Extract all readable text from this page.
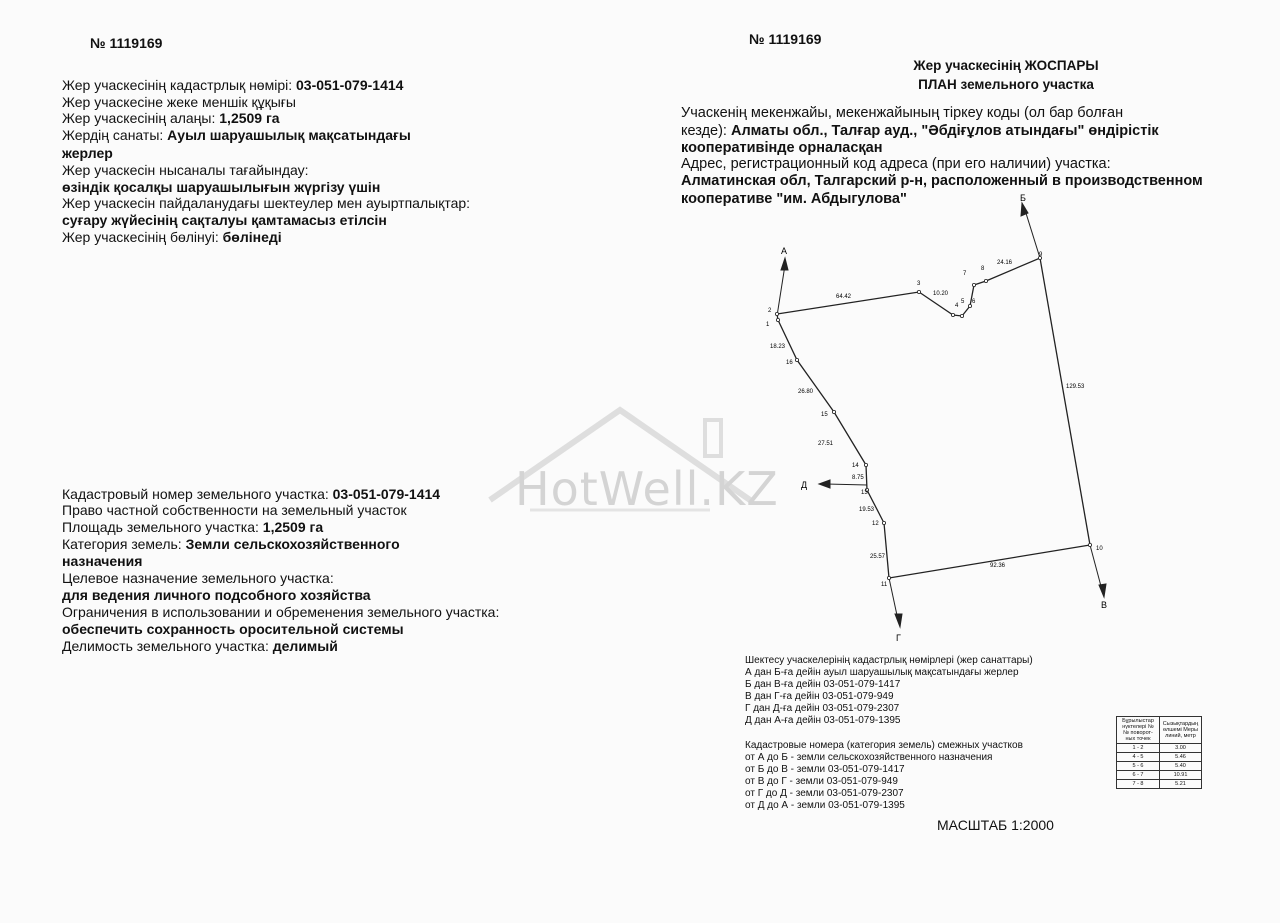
№ 1119169	№ 1119169
Жер учаскесінің кадастрлық нөмірі: 03-051-079-1414
Жер учаскесіне жеке меншік құқығы
Жер учаскесінің алаңы: 1,2509 га
Жердің санаты: Ауыл шаруашылық мақсатындағы
жерлер
Жер учаскесін нысаналы тағайындау:
өзіндік қосалқы шаруашылығын жүргізу үшін
Жер учаскесін пайдаланудағы шектеулер мен ауыртпалықтар:
суғару жүйесінің сақталуы қамтамасыз етілсін
Жер учаскесінің бөлінуі: бөлінеді
Кадастровый номер земельного участка: 03-051-079-1414
Право частной собственности на земельный участок
Площадь земельного участка: 1,2509 га
Категория земель: Земли сельскохозяйственного
назначения
Целевое назначение земельного участка:
для ведения личного подсобного хозяйства
Ограничения в использовании и обременения земельного участка:
обеспечить сохранность оросительной системы
Делимость земельного участка: делимый
HotWell.KZ
Жер учаскесінің ЖОСПАРЫ
ПЛАН земельного участка
Учаскенің мекенжайы, мекенжайының тіркеу коды (ол бар болған
кезде): Алматы обл., Талғар ауд., "Әбдіғұлов атындағы" өндірістік
кооперативінде орналасқан
Адрес, регистрационный код адреса (при его наличии) участка:
Алматинская обл, Талгарский р-н, расположенный в производственном
кооперативе "им. Абдыгулова"
А
Б
В
Г
Д
1
2
3
4
5 6
7
8
9
10
11
12
13
14
15
16
64.42	10.20
24.16
129.53
92.36
25.57
19.53
8.75
27.51
26.80
18.23
Шектесу учаскелерінің кадастрлық нөмірлері (жер санаттары)
А дан Б-ға дейін ауыл шаруашылық мақсатындағы жерлер
Б дан В-ға дейін 03-051-079-1417
В дан Г-ға дейін 03-051-079-949
Г дан Д-ға дейін 03-051-079-2307
Д дан А-ға дейін 03-051-079-1395
Кадастровые номера (категория земель) смежных участков
от А до Б - земли сельскохозяйственного назначения
от Б до В - земли 03-051-079-1417
от В до Г - земли 03-051-079-949
от Г до Д - земли 03-051-079-2307
от Д до А - земли 03-051-079-1395
МАСШТАБ 1:2000
Бұрылыстар нүктелері № № поворот-ных точек	Сызықтардың өлшемі Меры линий, метр
1 - 2	3.00
4 - 5	5.46
5 - 6	5.40
6 - 7	10.91
7 - 8	5.21
